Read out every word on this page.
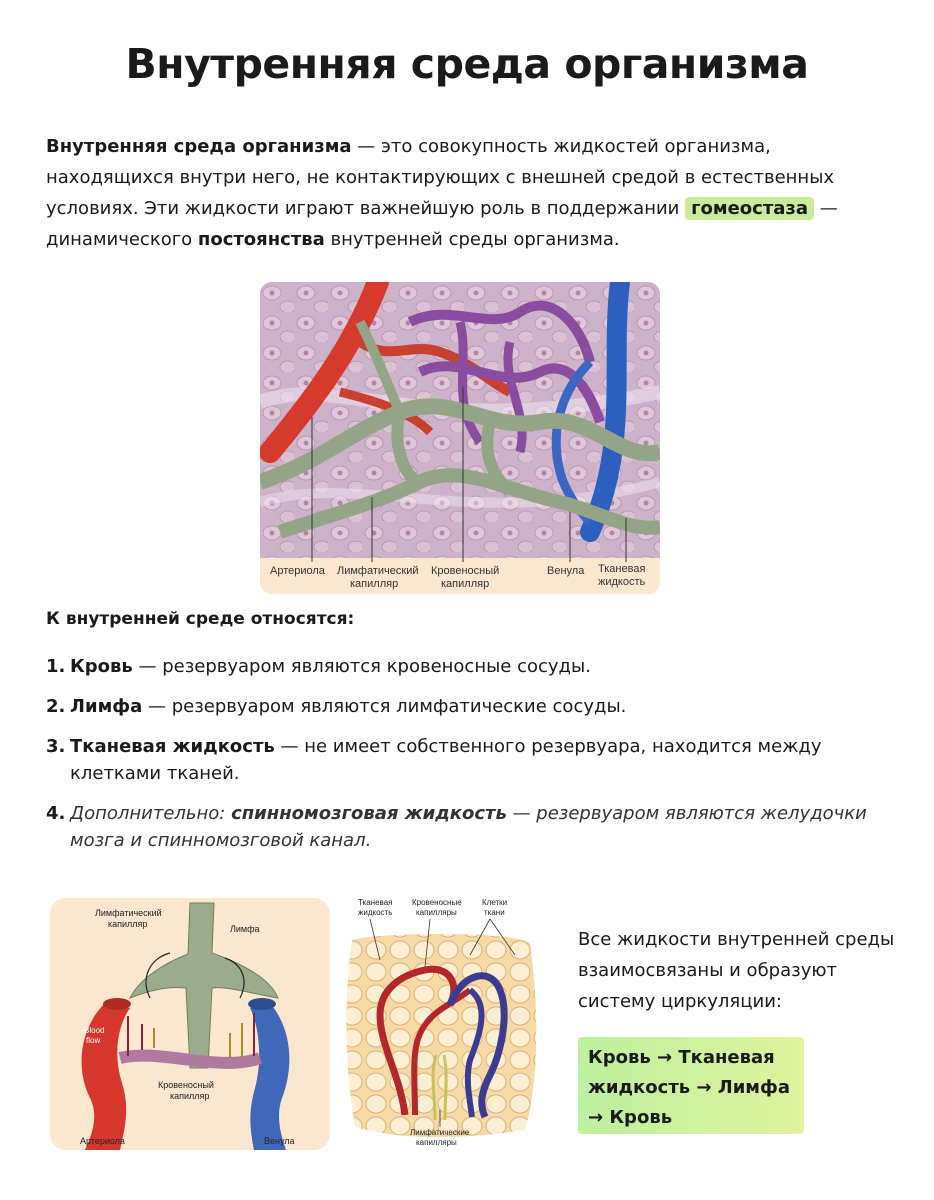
Внутренняя среда организма
Внутренняя среда организма — это совокупность жидкостей организма, находящихся внутри него, не контактирующих с внешней средой в естественных условиях. Эти жидкости играют важнейшую роль в поддержании гомеостаза — динамического постоянства внутренней среды организма.
Артериола Лимфатический
капилляр
Кровеносный
капилляр
Венула Тканевая
жидкость
К внутренней среде относятся:
1. Кровь — резервуаром являются кровеносные сосуды.
2. Лимфа — резервуаром являются лимфатические сосуды.
3. Тканевая жидкость — не имеет собственного резервуара, находится между клетками тканей.
4. Дополнительно: спинномозговая жидкость — резервуаром являются желудочки мозга и спинномозговой канал.
Лимфатический
капилляр	Лимфа
Blood
flow
Кровеносный
капилляр
Артериола	Венула
Тканевая
жидкость
Кровеносные
капилляры
Клетки
ткани
Лимфатические
капилляры
Все жидкости внутренней среды взаимосвязаны и образуют систему циркуляции:
Кровь → Тканевая жидкость → Лимфа → Кровь
